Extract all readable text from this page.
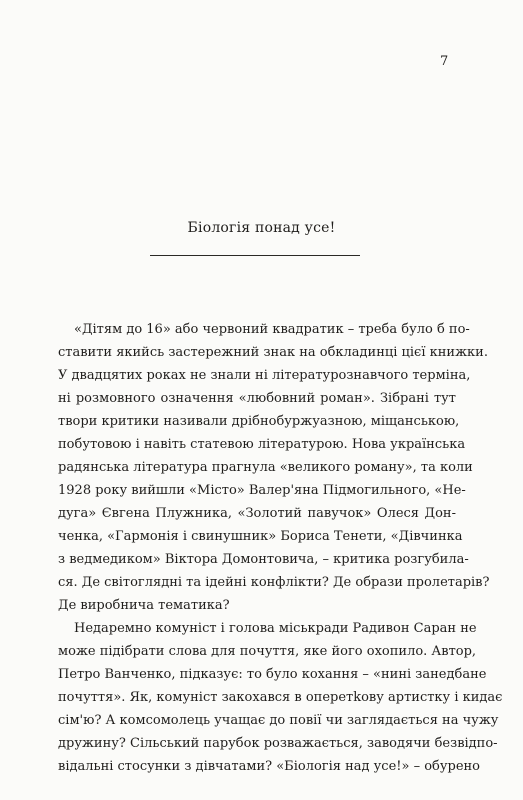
7
Біологія понад усе!
«Дітям до 16» або червоний квадратик – треба було б по-
ставити якийсь застережний знак на обкладинці цієї книжки.
У двадцятих роках не знали ні літературознавчого терміна,
ні розмовного означення «любовний роман». Зібрані тут
твори критики називали дрібнобуржуазною, міщанською,
побутовою і навіть статевою літературою. Нова українська
радянська література прагнула «великого роману», та коли
1928 року вийшли «Місто» Валер'яна Підмогильного, «Не-
дуга» Євгена Плужника, «Золотий павучок» Олеся Дон-
ченка, «Гармонія і свинушник» Бориса Тенети, «Дівчинка
з ведмедиком» Віктора Домонтовича, – критика розгубила-
ся. Де світоглядні та ідейні конфлікти? Де образи пролетарів?
Де виробнича тематика?
Недаремно комуніст і голова міськради Радивон Саран не
може підібрати слова для почуття, яке його охопило. Автор,
Петро Ванченко, підказує: то було кохання – «нині занедбане
почуття». Як, комуніст закохався в оперетkову артистку і кидає
сім'ю? А комсомолець учащає до повії чи заглядається на чужу
дружину? Сільський парубок розважається, заводячи безвідпо-
відальні стосунки з дівчатами? «Біологія над усе!» – обурено
